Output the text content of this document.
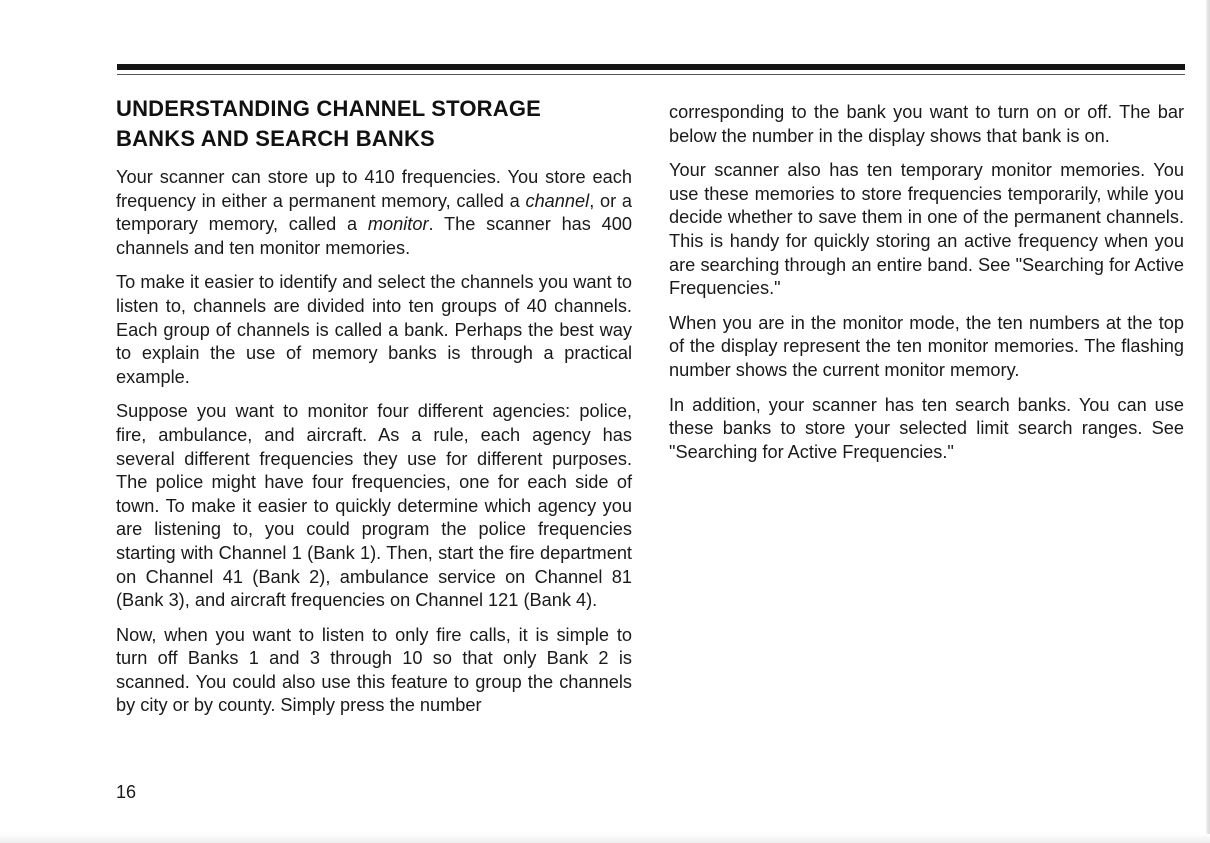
UNDERSTANDING CHANNEL STORAGE
BANKS AND SEARCH BANKS

Your scanner can store up to 410 frequencies. You store each frequency in either a permanent memory, called a channel, or a temporary memory, called a monitor. The scanner has 400 channels and ten monitor memories.

To make it easier to identify and select the channels you want to listen to, channels are divided into ten groups of 40 channels. Each group of channels is called a bank. Perhaps the best way to explain the use of memory banks is through a practical example.

Suppose you want to monitor four different agencies: police, fire, ambulance, and aircraft. As a rule, each agency has several different frequencies they use for different purposes. The police might have four frequencies, one for each side of town. To make it easier to quickly determine which agency you are listening to, you could program the police frequencies starting with Channel 1 (Bank 1). Then, start the fire department on Channel 41 (Bank 2), ambulance service on Channel 81 (Bank 3), and aircraft frequencies on Channel 121 (Bank 4).

Now, when you want to listen to only fire calls, it is simple to turn off Banks 1 and 3 through 10 so that only Bank 2 is scanned. You could also use this feature to group the channels by city or by county. Simply press the number

corresponding to the bank you want to turn on or off. The bar below the number in the display shows that bank is on.

Your scanner also has ten temporary monitor memories. You use these memories to store frequencies temporarily, while you decide whether to save them in one of the permanent channels. This is handy for quickly storing an active frequency when you are searching through an entire band. See "Searching for Active Frequencies."

When you are in the monitor mode, the ten numbers at the top of the display represent the ten monitor memories. The flashing number shows the current monitor memory.

In addition, your scanner has ten search banks. You can use these banks to store your selected limit search ranges. See "Searching for Active Frequencies."

16
